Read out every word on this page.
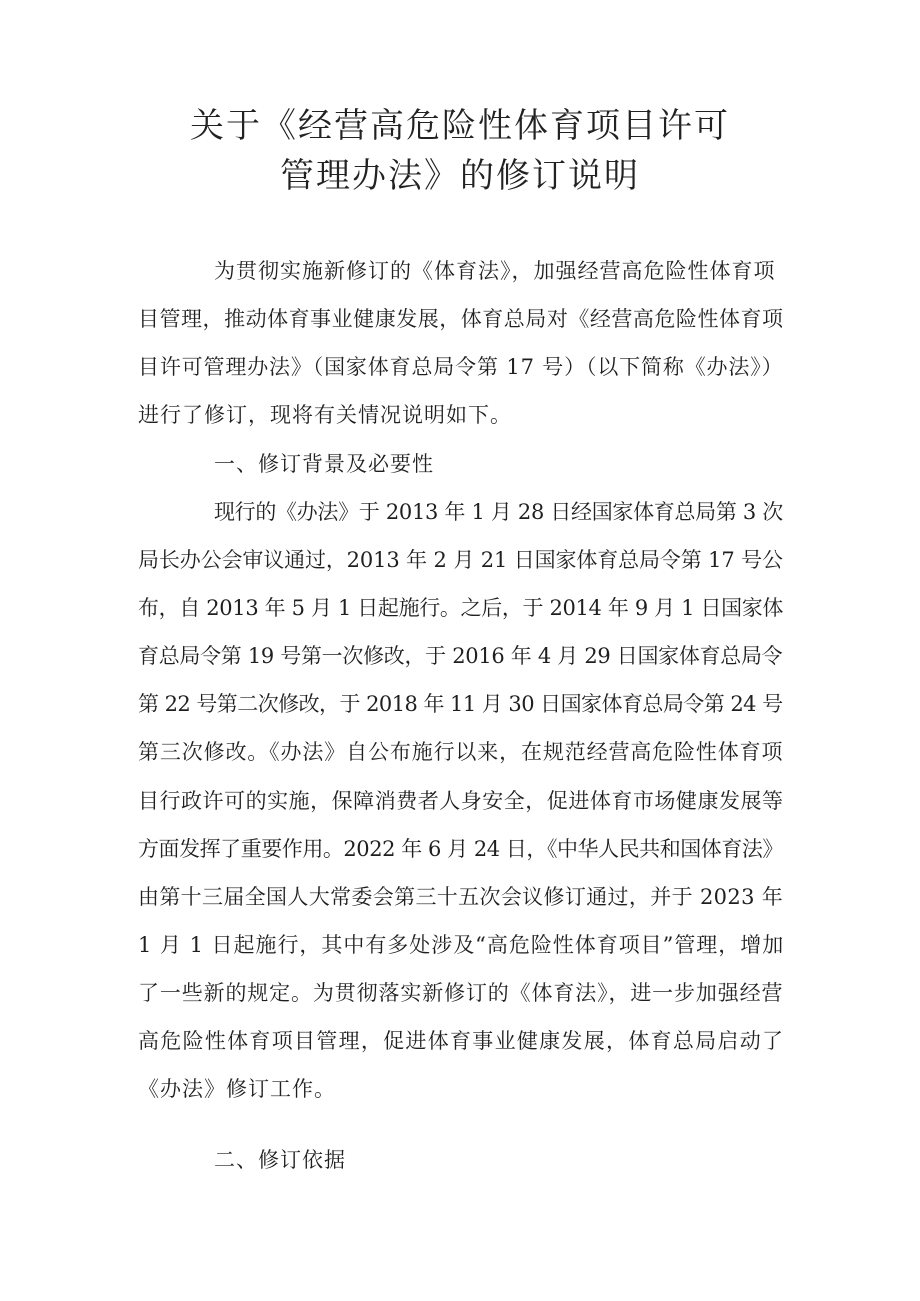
关于《经营高危险性体育项目许可
管理办法》的修订说明
为贯彻实施新修订的《体育法》，加强经营高危险性体育项
目管理，推动体育事业健康发展，体育总局对《经营高危险性体育项
目许可管理办法》（国家体育总局令第 17 号）（以下简称《办法》）
进行了修订，现将有关情况说明如下。
一、修订背景及必要性
现行的《办法》于 2013 年 1 月 28 日经国家体育总局第 3 次
局长办公会审议通过，2013 年 2 月 21 日国家体育总局令第 17 号公
布，自 2013 年 5 月 1 日起施行。之后，于 2014 年 9 月 1 日国家体
育总局令第 19 号第一次修改，于 2016 年 4 月 29 日国家体育总局令
第 22 号第二次修改，于 2018 年 11 月 30 日国家体育总局令第 24 号
第三次修改。《办法》自公布施行以来，在规范经营高危险性体育项
目行政许可的实施，保障消费者人身安全，促进体育市场健康发展等
方面发挥了重要作用。2022 年 6 月 24 日，《中华人民共和国体育法》
由第十三届全国人大常委会第三十五次会议修订通过，并于 2023 年
1 月 1 日起施行，其中有多处涉及“高危险性体育项目”管理，增加
了一些新的规定。为贯彻落实新修订的《体育法》，进一步加强经营
高危险性体育项目管理，促进体育事业健康发展，体育总局启动了
《办法》修订工作。
二、修订依据
